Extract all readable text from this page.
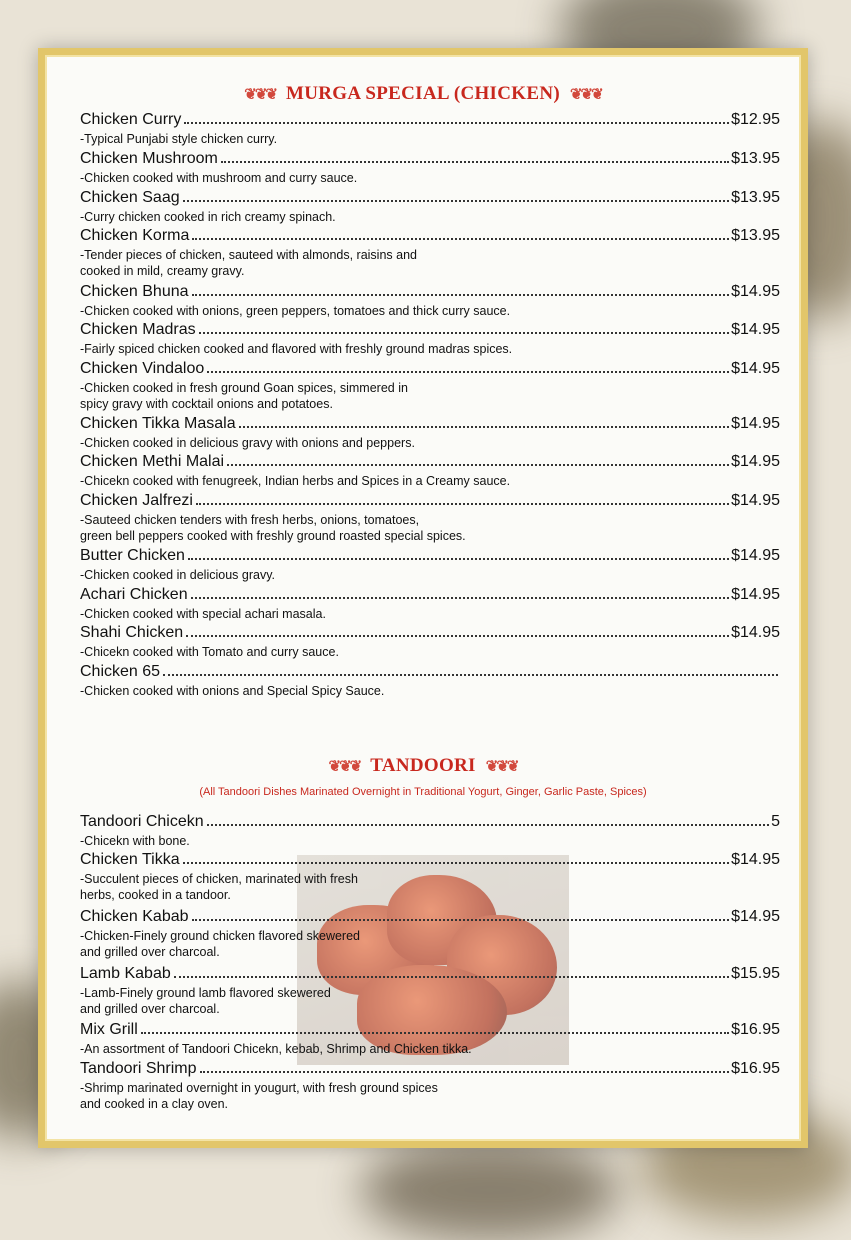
❦❦❦ MURGA SPECIAL (CHICKEN) ❦❦❦
Chicken Curry	$12.95
-Typical Punjabi style chicken curry.
Chicken Mushroom	$13.95
-Chicken cooked with mushroom and curry sauce.
Chicken Saag	$13.95
-Curry chicken cooked in rich creamy spinach.
Chicken Korma	$13.95
-Tender pieces of chicken, sauteed with almonds, raisins and
cooked in mild, creamy gravy.
Chicken Bhuna	$14.95
-Chicken cooked with onions, green peppers, tomatoes and thick curry sauce.
Chicken Madras	$14.95
-Fairly spiced chicken cooked and flavored with freshly ground madras spices.
Chicken Vindaloo	$14.95
-Chicken cooked in fresh ground Goan spices, simmered in
spicy gravy with cocktail onions and potatoes.
Chicken Tikka Masala	$14.95
-Chicken cooked in delicious gravy with onions and peppers.
Chicken Methi Malai	$14.95
-Chicekn cooked with fenugreek, Indian herbs and Spices in a Creamy sauce.
Chicken Jalfrezi	$14.95
-Sauteed chicken tenders with fresh herbs, onions, tomatoes,
green bell peppers cooked with freshly ground roasted special spices.
Butter Chicken	$14.95
-Chicken cooked in delicious gravy.
Achari Chicken	$14.95
-Chicken cooked with special achari masala.
Shahi Chicken	$14.95
-Chicekn cooked with Tomato and curry sauce.
Chicken 65
-Chicken cooked with onions and Special Spicy Sauce.
❦❦❦ TANDOORI ❦❦❦
(All Tandoori Dishes Marinated Overnight in Traditional Yogurt, Ginger, Garlic Paste, Spices)
Tandoori Chicekn	5
-Chicekn with bone.
Chicken Tikka	$14.95
-Succulent pieces of chicken, marinated with fresh
herbs, cooked in a tandoor.
Chicken Kabab	$14.95
-Chicken-Finely ground chicken flavored skewered
and grilled over charcoal.
Lamb Kabab	$15.95
-Lamb-Finely ground lamb flavored skewered
and grilled over charcoal.
Mix Grill	$16.95
-An assortment of Tandoori Chicekn, kebab, Shrimp and Chicken tikka.
Tandoori Shrimp	$16.95
-Shrimp marinated overnight in yougurt, with fresh ground spices
and cooked in a clay oven.
